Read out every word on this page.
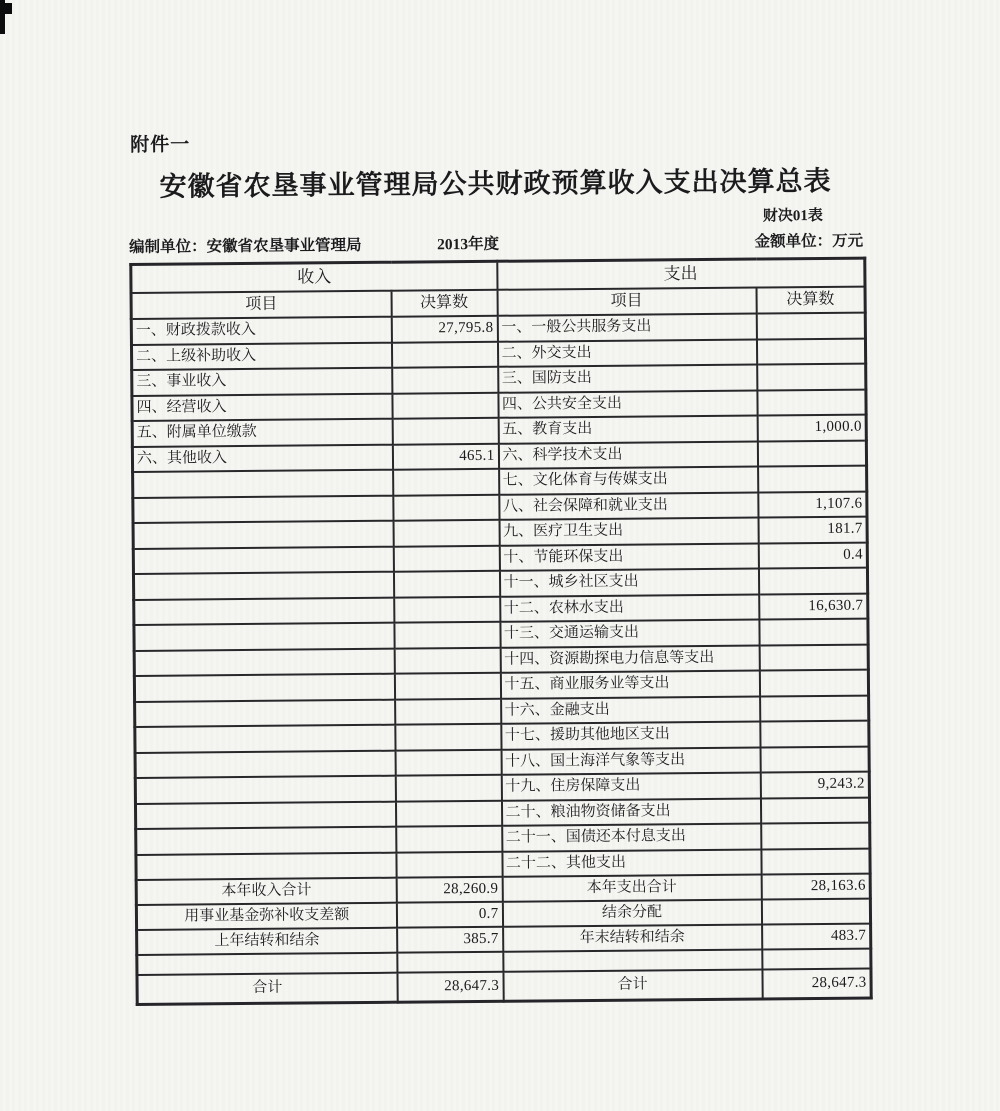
附件一
安徽省农垦事业管理局公共财政预算收入支出决算总表
财决01表
编制单位：安徽省农垦事业管理局	2013年度	金额单位：万元
收入		支出	
项目	决算数	项目	决算数
一、财政拨款收入	27,795.8	一、一般公共服务支出	
二、上级补助收入		二、外交支出	
三、事业收入		三、国防支出	
四、经营收入		四、公共安全支出	
五、附属单位缴款		五、教育支出	1,000.0
六、其他收入	465.1	六、科学技术支出	
		七、文化体育与传媒支出	
		八、社会保障和就业支出	1,107.6
		九、医疗卫生支出	181.7
		十、节能环保支出	0.4
		十一、城乡社区支出	
		十二、农林水支出	16,630.7
		十三、交通运输支出	
		十四、资源勘探电力信息等支出	
		十五、商业服务业等支出	
		十六、金融支出	
		十七、援助其他地区支出	
		十八、国土海洋气象等支出	
		十九、住房保障支出	9,243.2
		二十、粮油物资储备支出	
		二十一、国债还本付息支出	
		二十二、其他支出	
本年收入合计	28,260.9	本年支出合计	28,163.6
用事业基金弥补收支差额	0.7	结余分配	
上年结转和结余	385.7	年末结转和结余	483.7

合计	28,647.3	合计	28,647.3
